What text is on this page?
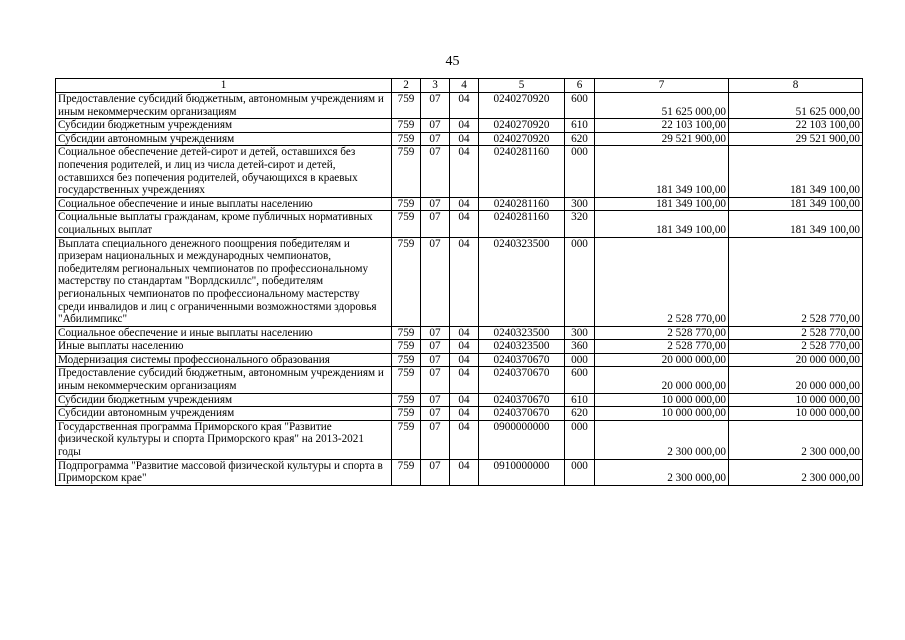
45
1	2	3	4	5	6	7	8
Предоставление субсидий бюджетным, автономным учреждениям и иным некоммерческим организациям	759	07	04	0240270920	600	51 625 000,00	51 625 000,00
Субсидии бюджетным учреждениям	759	07	04	0240270920	610	22 103 100,00	22 103 100,00
Субсидии автономным учреждениям	759	07	04	0240270920	620	29 521 900,00	29 521 900,00
Социальное обеспечение детей-сирот и детей, оставшихся без попечения родителей, и лиц из числа детей-сирот и детей, оставшихся без попечения родителей, обучающихся в краевых государственных учреждениях	759	07	04	0240281160	000	181 349 100,00	181 349 100,00
Социальное обеспечение и иные выплаты населению	759	07	04	0240281160	300	181 349 100,00	181 349 100,00
Социальные выплаты гражданам, кроме публичных нормативных социальных выплат	759	07	04	0240281160	320	181 349 100,00	181 349 100,00
Выплата специального денежного поощрения победителям и призерам национальных и международных чемпионатов, победителям региональных чемпионатов по профессиональному мастерству по стандартам "Ворлдскиллс", победителям региональных чемпионатов по профессиональному мастерству среди инвалидов и лиц с ограниченными возможностями здоровья "Абилимпикс"	759	07	04	0240323500	000	2 528 770,00	2 528 770,00
Социальное обеспечение и иные выплаты населению	759	07	04	0240323500	300	2 528 770,00	2 528 770,00
Иные выплаты населению	759	07	04	0240323500	360	2 528 770,00	2 528 770,00
Модернизация системы профессионального образования	759	07	04	0240370670	000	20 000 000,00	20 000 000,00
Предоставление субсидий бюджетным, автономным учреждениям и иным некоммерческим организациям	759	07	04	0240370670	600	20 000 000,00	20 000 000,00
Субсидии бюджетным учреждениям	759	07	04	0240370670	610	10 000 000,00	10 000 000,00
Субсидии автономным учреждениям	759	07	04	0240370670	620	10 000 000,00	10 000 000,00
Государственная программа Приморского края "Развитие физической культуры и спорта Приморского края" на 2013-2021 годы	759	07	04	0900000000	000	2 300 000,00	2 300 000,00
Подпрограмма "Развитие массовой физической культуры и спорта в Приморском крае"	759	07	04	0910000000	000	2 300 000,00	2 300 000,00
